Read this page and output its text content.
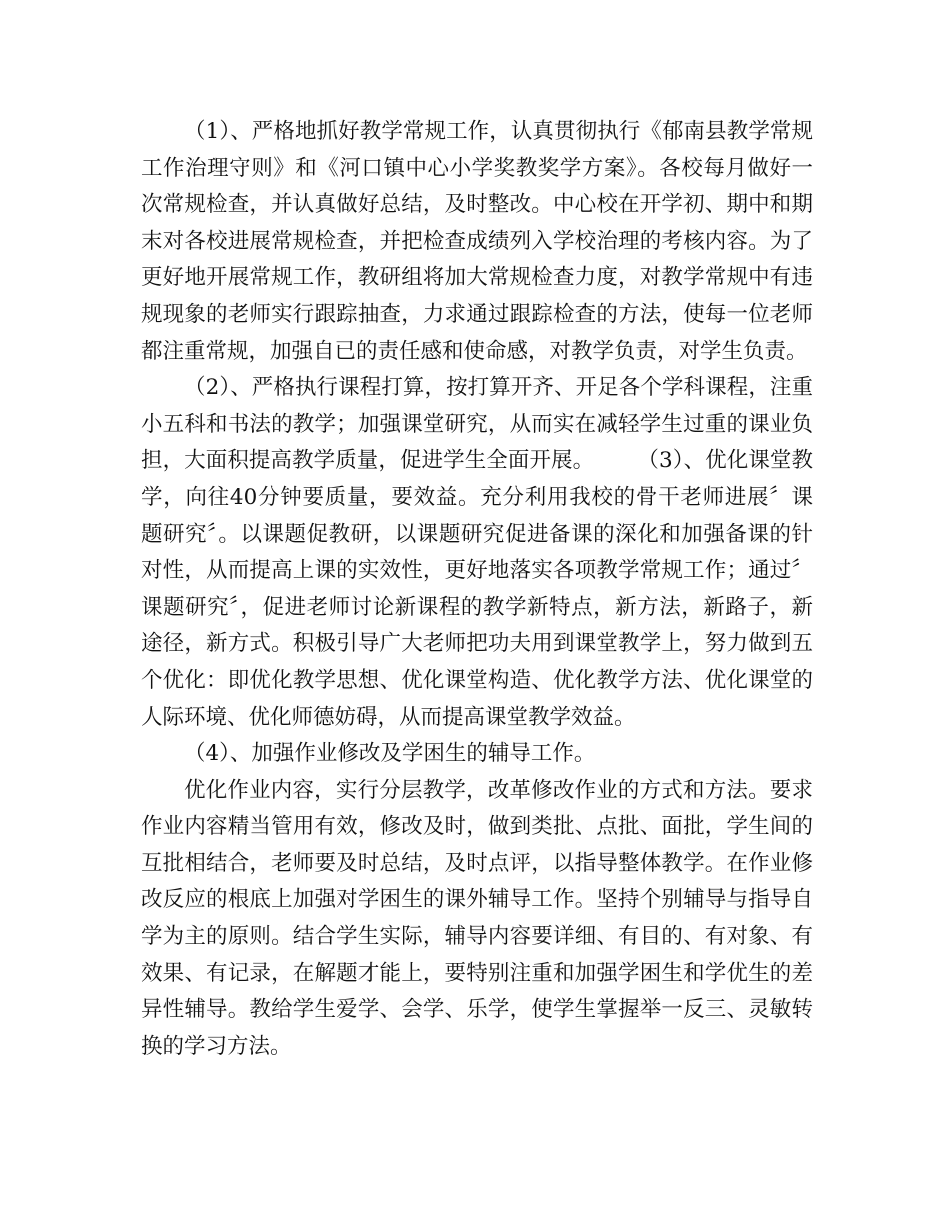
（1）、严格地抓好教学常规工作，认真贯彻执行《郁南县教学常规工作治理守则》和《河口镇中心小学奖教奖学方案》。各校每月做好一次常规检查，并认真做好总结，及时整改。中心校在开学初、期中和期末对各校进展常规检查，并把检查成绩列入学校治理的考核内容。为了更好地开展常规工作，教研组将加大常规检查力度，对教学常规中有违规现象的老师实行跟踪抽查，力求通过跟踪检查的方法，使每一位老师都注重常规，加强自已的责任感和使命感，对教学负责，对学生负责。

（2）、严格执行课程打算，按打算开齐、开足各个学科课程，注重小五科和书法的教学；加强课堂研究，从而实在减轻学生过重的课业负担，大面积提高教学质量，促进学生全面开展。　　　（3）、优化课堂教学，向往40分钟要质量，要效益。充分利用我校的骨干老师进展〞课题研究〞。以课题促教研，以课题研究促进备课的深化和加强备课的针对性，从而提高上课的实效性，更好地落实各项教学常规工作；通过〞课题研究〞，促进老师讨论新课程的教学新特点，新方法，新路子，新途径，新方式。积极引导广大老师把功夫用到课堂教学上，努力做到五个优化：即优化教学思想、优化课堂构造、优化教学方法、优化课堂的人际环境、优化师德妨碍，从而提高课堂教学效益。

（4）、加强作业修改及学困生的辅导工作。

优化作业内容，实行分层教学，改革修改作业的方式和方法。要求作业内容精当管用有效，修改及时，做到类批、点批、面批，学生间的互批相结合，老师要及时总结，及时点评，以指导整体教学。在作业修改反应的根底上加强对学困生的课外辅导工作。坚持个别辅导与指导自学为主的原则。结合学生实际，辅导内容要详细、有目的、有对象、有效果、有记录，在解题才能上，要特别注重和加强学困生和学优生的差异性辅导。教给学生爱学、会学、乐学，使学生掌握举一反三、灵敏转换的学习方法。
